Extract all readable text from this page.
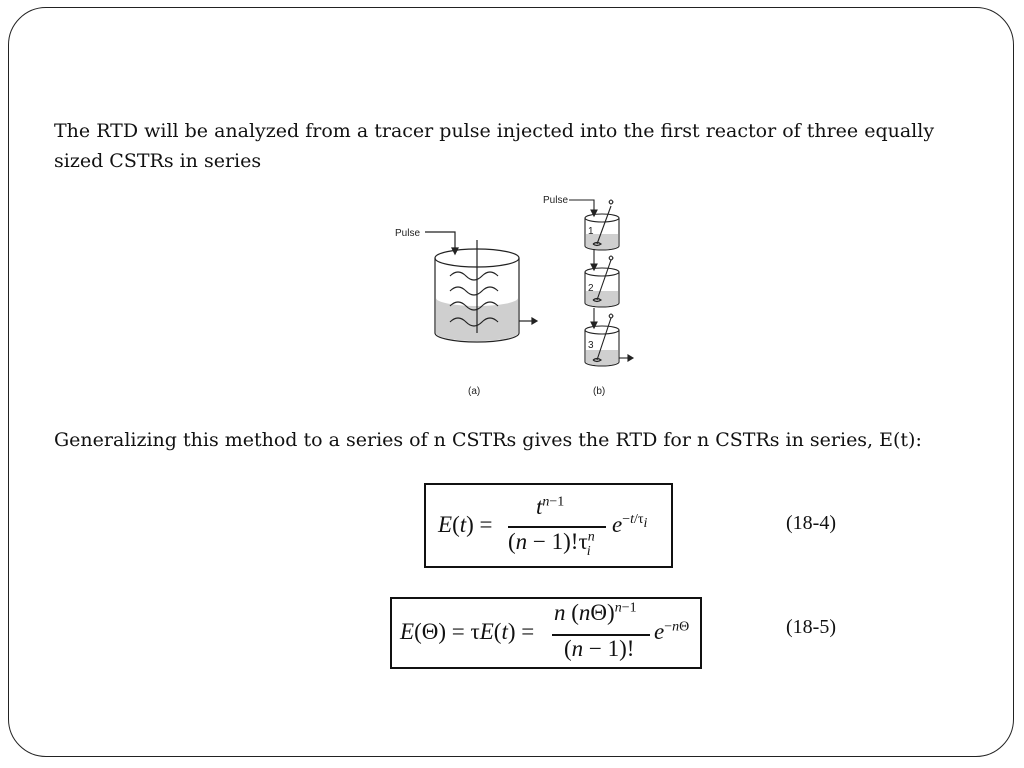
The RTD will be analyzed from a tracer pulse injected into the first reactor of three equally sized CSTRs in series
Pulse
(a)
Pulse
1
2
3
(b)
Generalizing this method to a series of n CSTRs gives the RTD for n CSTRs in series, E(t):
E(t) =
$t^{n-1}$
$(n - 1)!\tau^n_i$
$e^{-t/\tau_i}$	(18-4)
E(Θ) = τE(t) =
n $(n\Theta)^{n-1}$
(n − 1)!
$e^{-n\Theta}$	(18-5)
